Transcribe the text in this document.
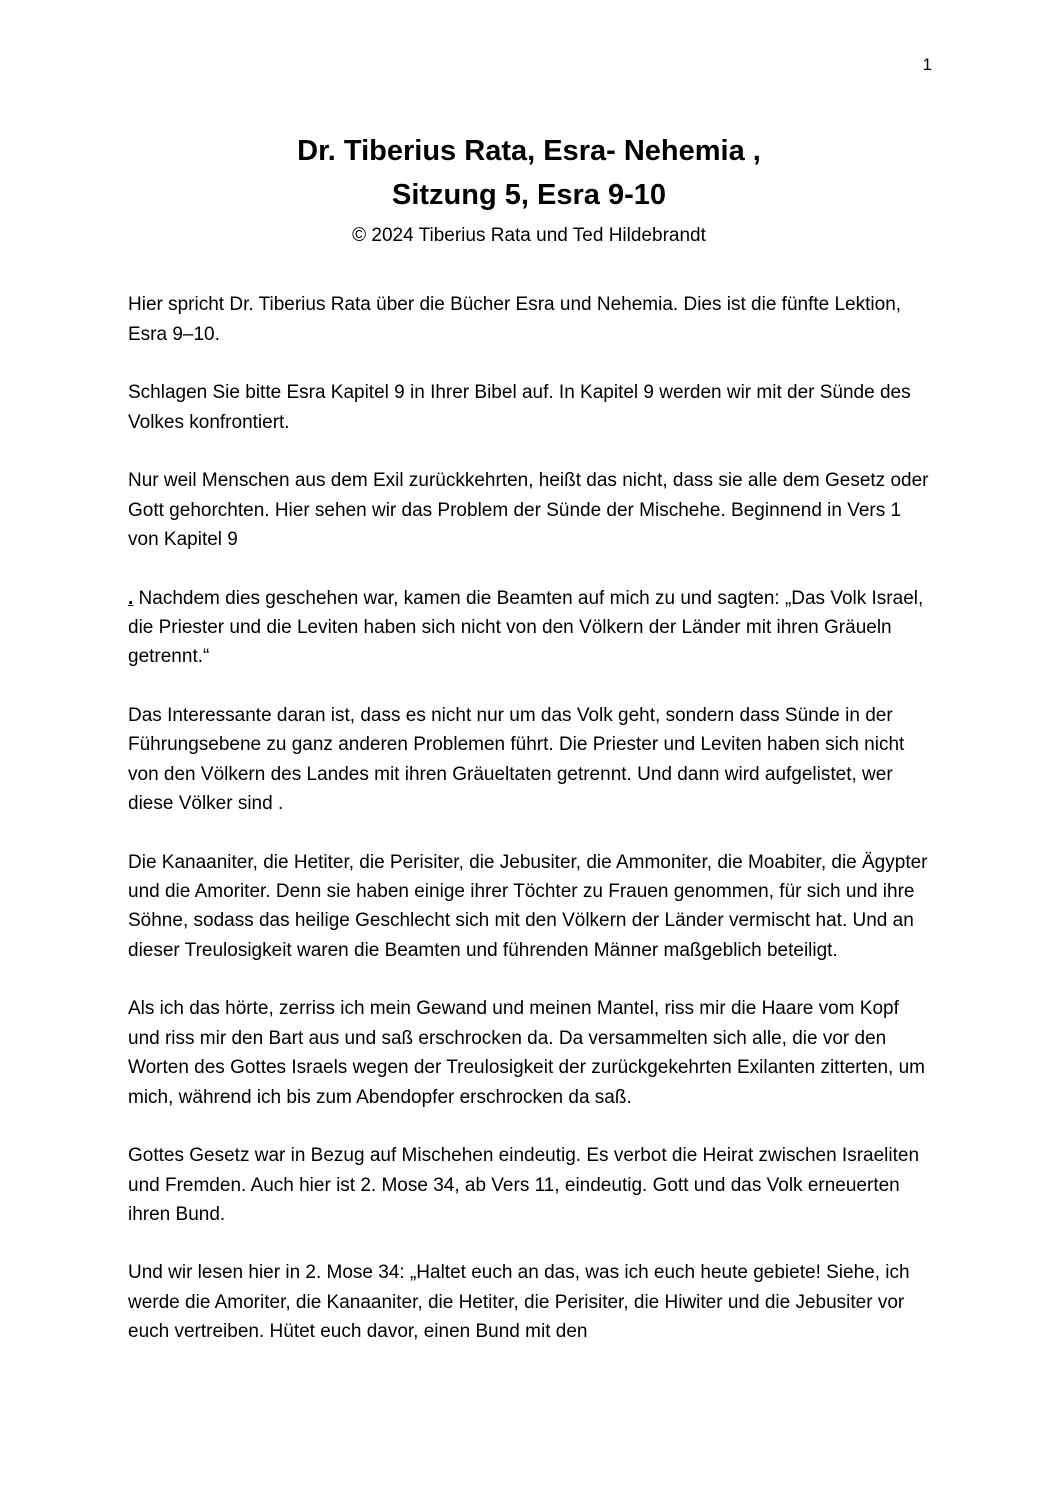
1
Dr. Tiberius Rata, Esra- Nehemia ,
Sitzung 5, Esra 9-10
© 2024 Tiberius Rata und Ted Hildebrandt

Hier spricht Dr. Tiberius Rata über die Bücher Esra und Nehemia. Dies ist die fünfte Lektion, Esra 9–10.

Schlagen Sie bitte Esra Kapitel 9 in Ihrer Bibel auf. In Kapitel 9 werden wir mit der Sünde des Volkes konfrontiert.

Nur weil Menschen aus dem Exil zurückkehrten, heißt das nicht, dass sie alle dem Gesetz oder Gott gehorchten. Hier sehen wir das Problem der Sünde der Mischehe. Beginnend in Vers 1 von Kapitel 9

. Nachdem dies geschehen war, kamen die Beamten auf mich zu und sagten: „Das Volk Israel, die Priester und die Leviten haben sich nicht von den Völkern der Länder mit ihren Gräueln getrennt.“

Das Interessante daran ist, dass es nicht nur um das Volk geht, sondern dass Sünde in der Führungsebene zu ganz anderen Problemen führt. Die Priester und Leviten haben sich nicht von den Völkern des Landes mit ihren Gräueltaten getrennt. Und dann wird aufgelistet, wer diese Völker sind .

Die Kanaaniter, die Hetiter, die Perisiter, die Jebusiter, die Ammoniter, die Moabiter, die Ägypter und die Amoriter. Denn sie haben einige ihrer Töchter zu Frauen genommen, für sich und ihre Söhne, sodass das heilige Geschlecht sich mit den Völkern der Länder vermischt hat. Und an dieser Treulosigkeit waren die Beamten und führenden Männer maßgeblich beteiligt.

Als ich das hörte, zerriss ich mein Gewand und meinen Mantel, riss mir die Haare vom Kopf und riss mir den Bart aus und saß erschrocken da. Da versammelten sich alle, die vor den Worten des Gottes Israels wegen der Treulosigkeit der zurückgekehrten Exilanten zitterten, um mich, während ich bis zum Abendopfer erschrocken da saß.

Gottes Gesetz war in Bezug auf Mischehen eindeutig. Es verbot die Heirat zwischen Israeliten und Fremden. Auch hier ist 2. Mose 34, ab Vers 11, eindeutig. Gott und das Volk erneuerten ihren Bund.

Und wir lesen hier in 2. Mose 34: „Haltet euch an das, was ich euch heute gebiete! Siehe, ich werde die Amoriter, die Kanaaniter, die Hetiter, die Perisiter, die Hiwiter und die Jebusiter vor euch vertreiben. Hütet euch davor, einen Bund mit den
